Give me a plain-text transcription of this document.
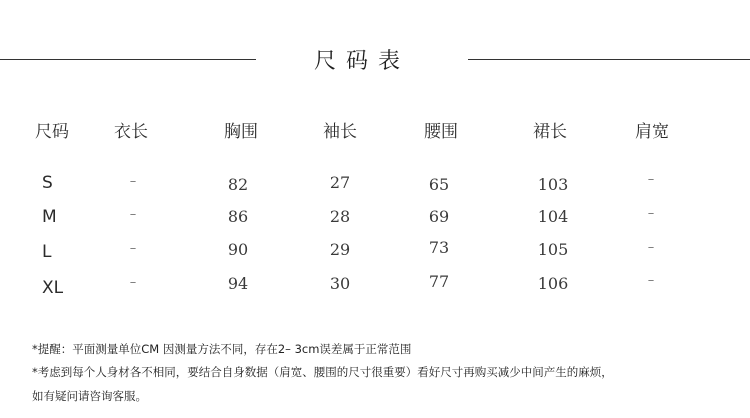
尺码表
尺码	衣长	胸围	袖长	腰围	裙长	肩宽
S	–	82	27	65	103	–
M	–	86	28	69	104	–
L	–	90	29	73	105	–
XL	–	94	30	77	106	–
*提醒：平面测量单位CM 因测量方法不同，存在2– 3cm误差属于正常范围
*考虑到每个人身材各不相同，要结合自身数据（肩宽、腰围的尺寸很重要）看好尺寸再购买减少中间产生的麻烦，
如有疑问请咨询客服。
